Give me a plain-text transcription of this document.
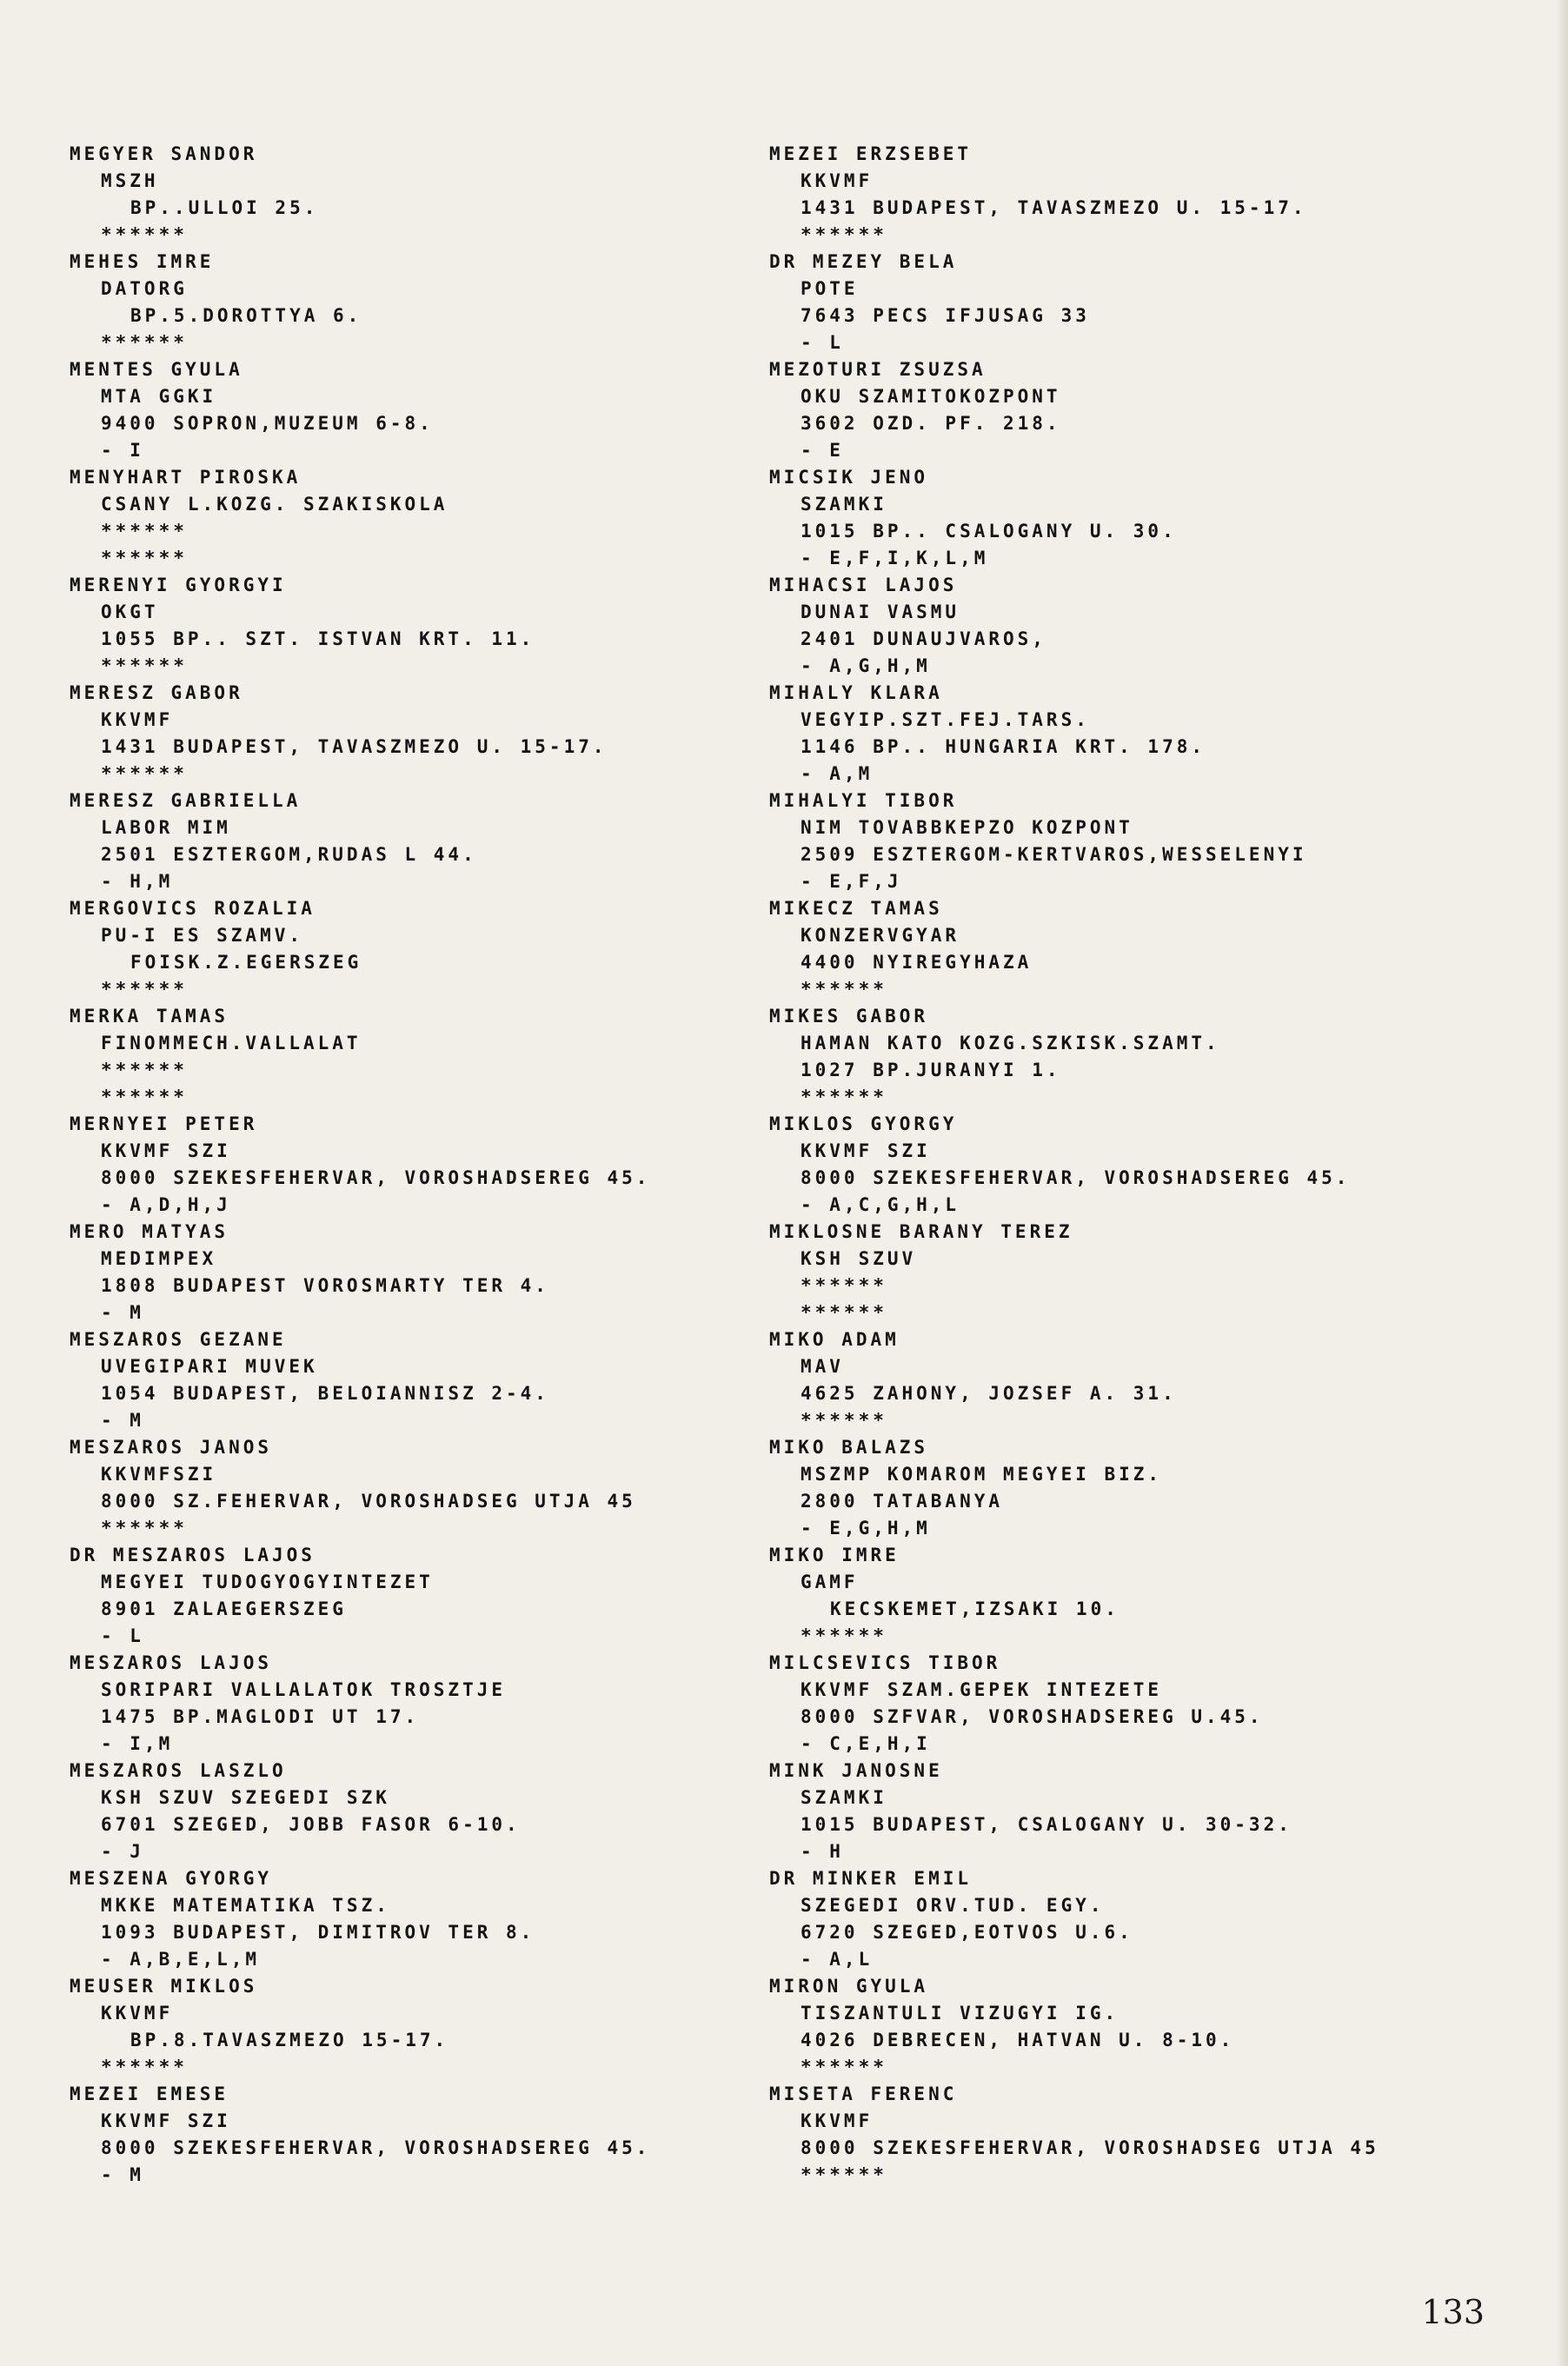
MEGYER SANDOR
MSZH
BP..ULLOI 25.
******
MEHES IMRE
DATORG
BP.5.DOROTTYA 6.
******
MENTES GYULA
MTA GGKI
9400 SOPRON,MUZEUM 6-8.
- I
MENYHART PIROSKA
CSANY L.KOZG. SZAKISKOLA
******
******
MERENYI GYORGYI
OKGT
1055 BP.. SZT. ISTVAN KRT. 11.
******
MERESZ GABOR
KKVMF
1431 BUDAPEST, TAVASZMEZO U. 15-17.
******
MERESZ GABRIELLA
LABOR MIM
2501 ESZTERGOM,RUDAS L 44.
- H,M
MERGOVICS ROZALIA
PU-I ES SZAMV.
FOISK.Z.EGERSZEG
******
MERKA TAMAS
FINOMMECH.VALLALAT
******
******
MERNYEI PETER
KKVMF SZI
8000 SZEKESFEHERVAR, VOROSHADSEREG 45.
- A,D,H,J
MERO MATYAS
MEDIMPEX
1808 BUDAPEST VOROSMARTY TER 4.
- M
MESZAROS GEZANE
UVEGIPARI MUVEK
1054 BUDAPEST, BELOIANNISZ 2-4.
- M
MESZAROS JANOS
KKVMFSZI
8000 SZ.FEHERVAR, VOROSHADSEG UTJA 45
******
DR MESZAROS LAJOS
MEGYEI TUDOGYOGYINTEZET
8901 ZALAEGERSZEG
- L
MESZAROS LAJOS
SORIPARI VALLALATOK TROSZTJE
1475 BP.MAGLODI UT 17.
- I,M
MESZAROS LASZLO
KSH SZUV SZEGEDI SZK
6701 SZEGED, JOBB FASOR 6-10.
- J
MESZENA GYORGY
MKKE MATEMATIKA TSZ.
1093 BUDAPEST, DIMITROV TER 8.
- A,B,E,L,M
MEUSER MIKLOS
KKVMF
BP.8.TAVASZMEZO 15-17.
******
MEZEI EMESE
KKVMF SZI
8000 SZEKESFEHERVAR, VOROSHADSEREG 45.
- M
MEZEI ERZSEBET
KKVMF
1431 BUDAPEST, TAVASZMEZO U. 15-17.
******
DR MEZEY BELA
POTE
7643 PECS IFJUSAG 33
- L
MEZOTURI ZSUZSA
OKU SZAMITOKOZPONT
3602 OZD. PF. 218.
- E
MICSIK JENO
SZAMKI
1015 BP.. CSALOGANY U. 30.
- E,F,I,K,L,M
MIHACSI LAJOS
DUNAI VASMU
2401 DUNAUJVAROS,
- A,G,H,M
MIHALY KLARA
VEGYIP.SZT.FEJ.TARS.
1146 BP.. HUNGARIA KRT. 178.
- A,M
MIHALYI TIBOR
NIM TOVABBKEPZO KOZPONT
2509 ESZTERGOM-KERTVAROS,WESSELENYI
- E,F,J
MIKECZ TAMAS
KONZERVGYAR
4400 NYIREGYHAZA
******
MIKES GABOR
HAMAN KATO KOZG.SZKISK.SZAMT.
1027 BP.JURANYI 1.
******
MIKLOS GYORGY
KKVMF SZI
8000 SZEKESFEHERVAR, VOROSHADSEREG 45.
- A,C,G,H,L
MIKLOSNE BARANY TEREZ
KSH SZUV
******
******
MIKO ADAM
MAV
4625 ZAHONY, JOZSEF A. 31.
******
MIKO BALAZS
MSZMP KOMAROM MEGYEI BIZ.
2800 TATABANYA
- E,G,H,M
MIKO IMRE
GAMF
KECSKEMET,IZSAKI 10.
******
MILCSEVICS TIBOR
KKVMF SZAM.GEPEK INTEZETE
8000 SZFVAR, VOROSHADSEREG U.45.
- C,E,H,I
MINK JANOSNE
SZAMKI
1015 BUDAPEST, CSALOGANY U. 30-32.
- H
DR MINKER EMIL
SZEGEDI ORV.TUD. EGY.
6720 SZEGED,EOTVOS U.6.
- A,L
MIRON GYULA
TISZANTULI VIZUGYI IG.
4026 DEBRECEN, HATVAN U. 8-10.
******
MISETA FERENC
KKVMF
8000 SZEKESFEHERVAR, VOROSHADSEG UTJA 45
******
133
